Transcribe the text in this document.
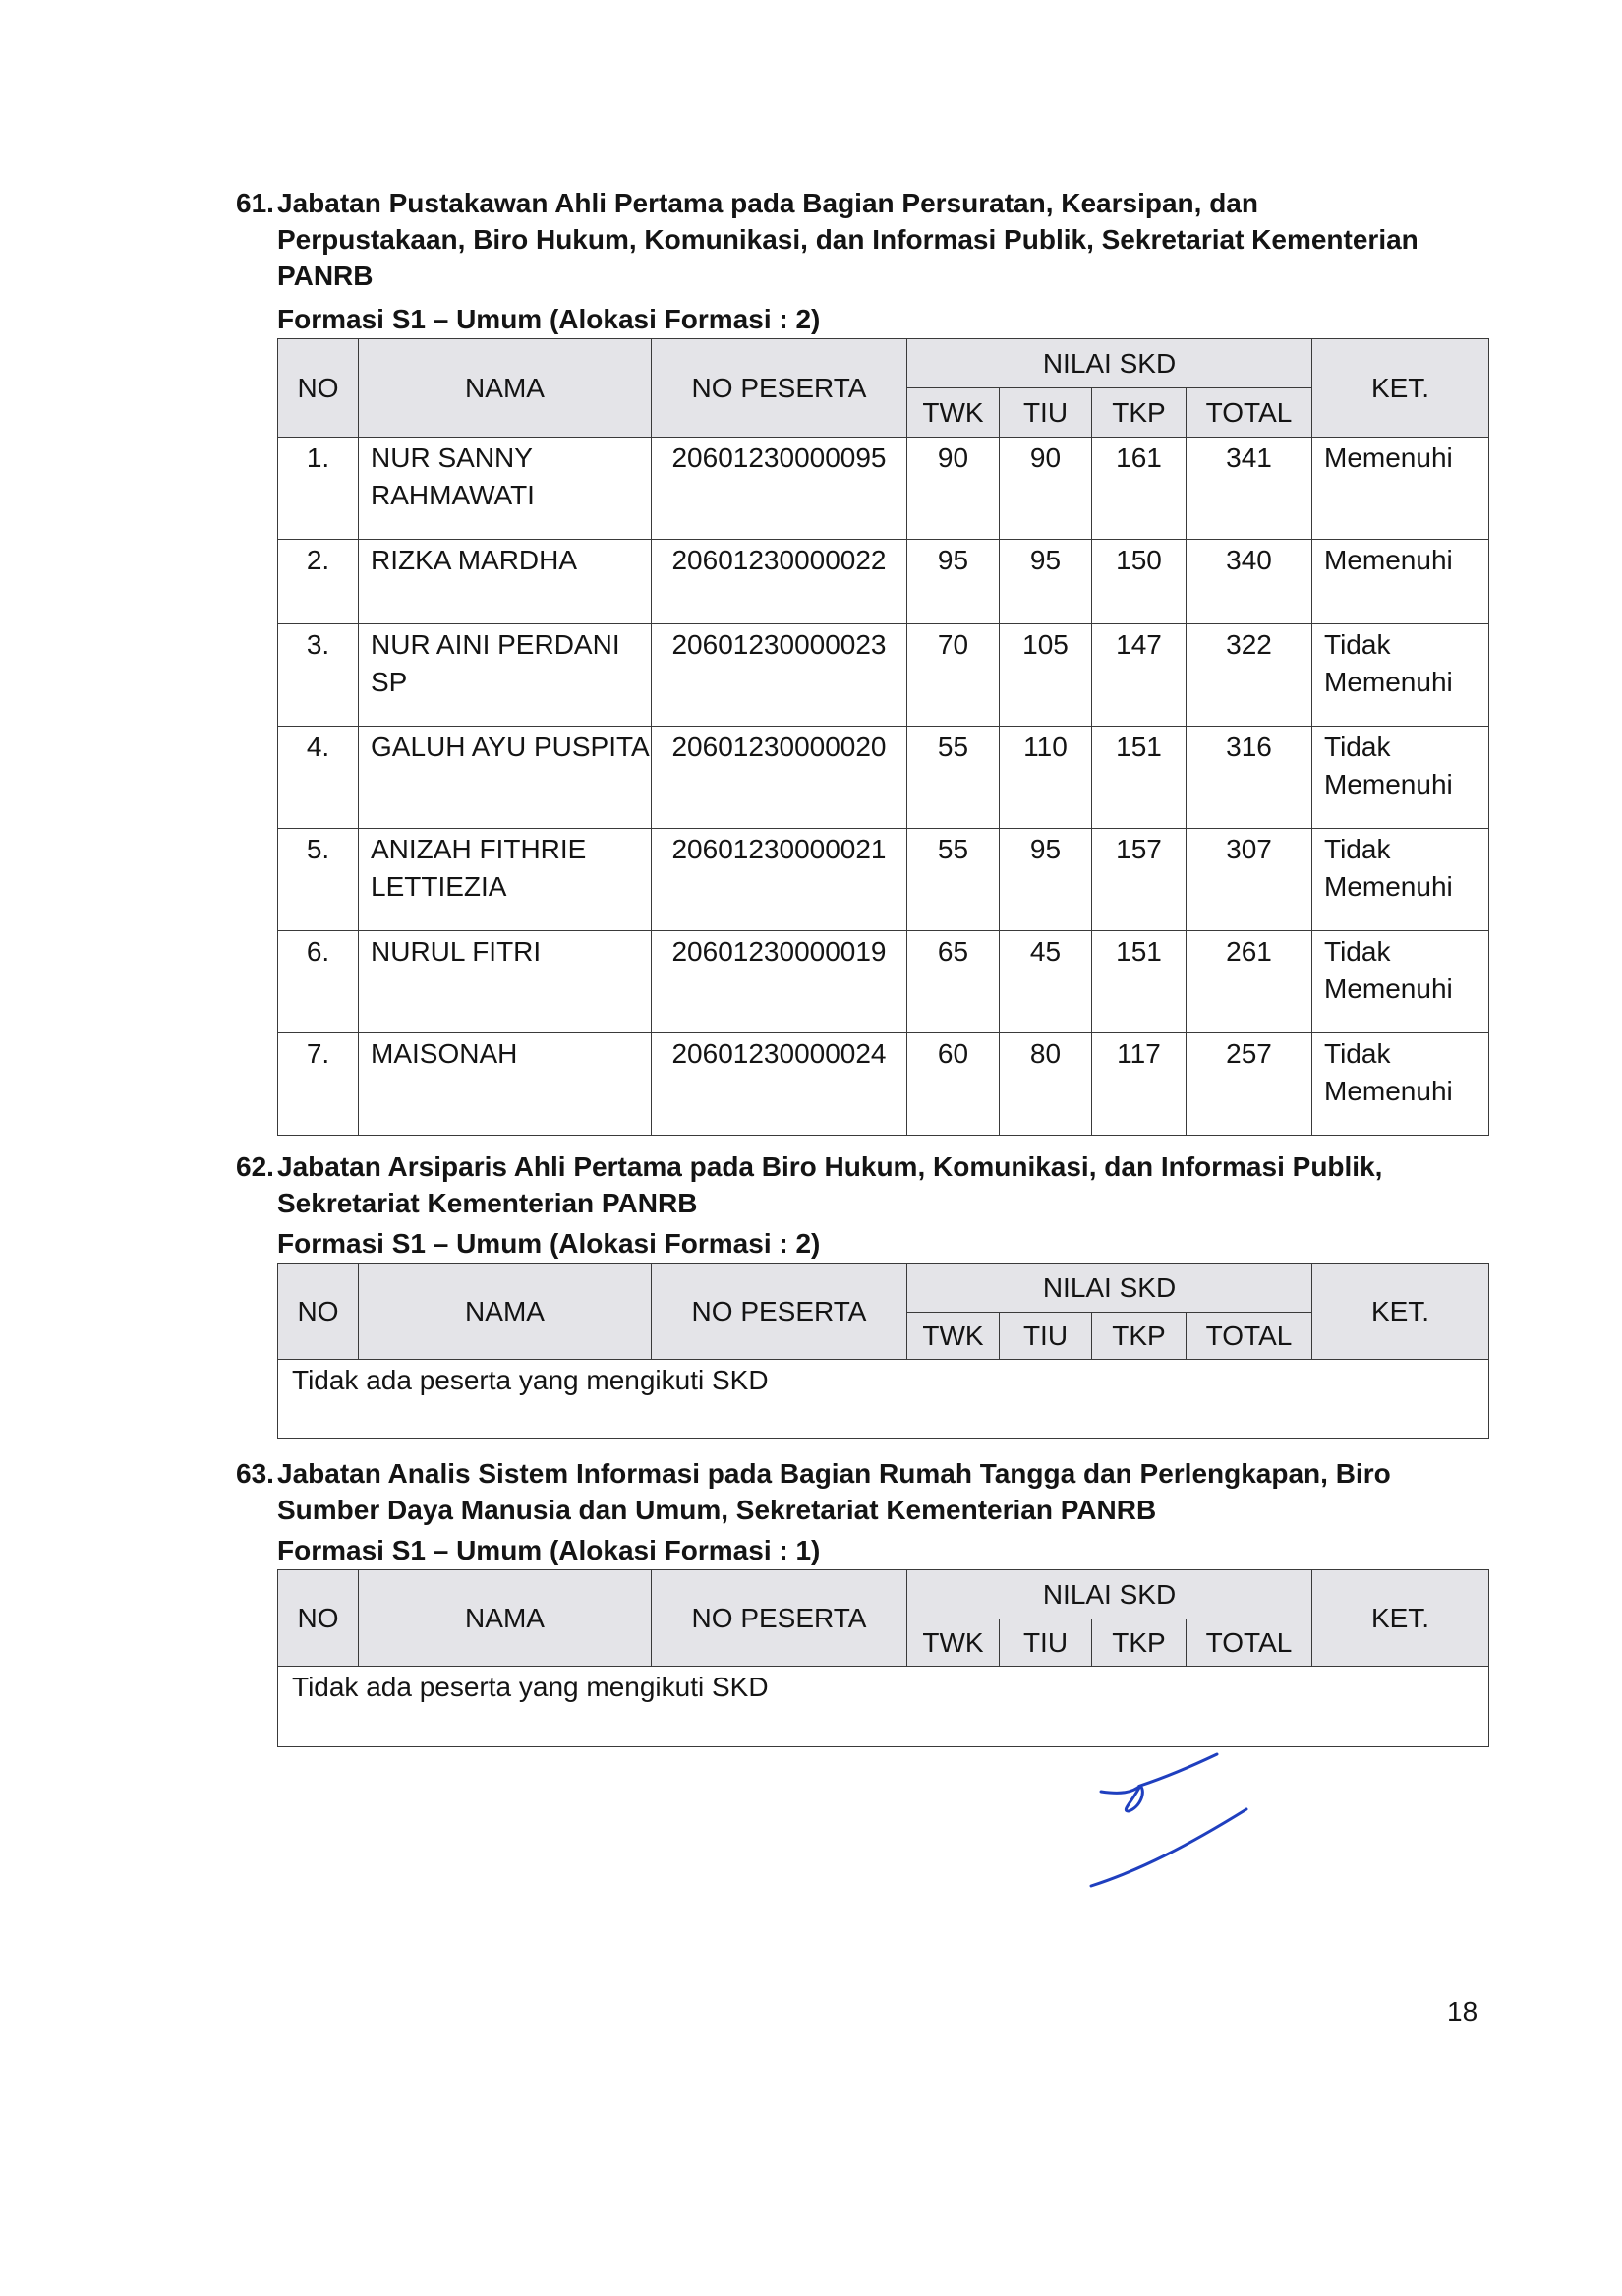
61. Jabatan Pustakawan Ahli Pertama pada Bagian Persuratan, Kearsipan, dan
Perpustakaan, Biro Hukum, Komunikasi, dan Informasi Publik, Sekretariat Kementerian
PANRB
Formasi S1 – Umum (Alokasi Formasi : 2)
NO	NAMA	NO PESERTA	NILAI SKD				KET.
			TWK	TIU	TKP	TOTAL	
1.	NUR SANNY RAHMAWATI	20601230000095	90	90	161	341	Memenuhi
2.	RIZKA MARDHA	20601230000022	95	95	150	340	Memenuhi
3.	NUR AINI PERDANI SP	20601230000023	70	105	147	322	Tidak Memenuhi
4.	GALUH AYU PUSPITA	20601230000020	55	110	151	316	Tidak Memenuhi
5.	ANIZAH FITHRIE LETTIEZIA	20601230000021	55	95	157	307	Tidak Memenuhi
6.	NURUL FITRI	20601230000019	65	45	151	261	Tidak Memenuhi
7.	MAISONAH	20601230000024	60	80	117	257	Tidak Memenuhi
62. Jabatan Arsiparis Ahli Pertama pada Biro Hukum, Komunikasi, dan Informasi Publik,
Sekretariat Kementerian PANRB
Formasi S1 – Umum (Alokasi Formasi : 2)
NO	NAMA	NO PESERTA	NILAI SKD				KET.
			TWK	TIU	TKP	TOTAL	
Tidak ada peserta yang mengikuti SKD							
63. Jabatan Analis Sistem Informasi pada Bagian Rumah Tangga dan Perlengkapan, Biro
Sumber Daya Manusia dan Umum, Sekretariat Kementerian PANRB
Formasi S1 – Umum (Alokasi Formasi : 1)
NO	NAMA	NO PESERTA	NILAI SKD				KET.
			TWK	TIU	TKP	TOTAL	
Tidak ada peserta yang mengikuti SKD							
18
